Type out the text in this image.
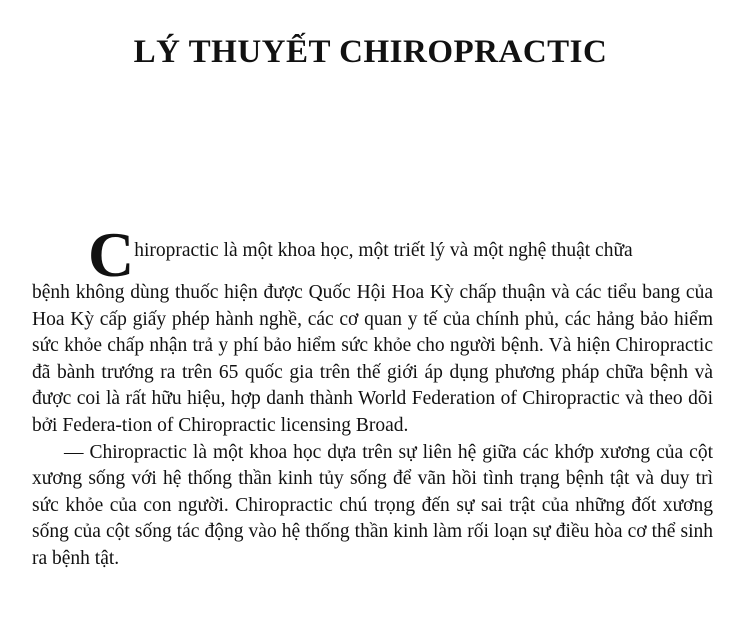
LÝ THUYẾT CHIROPRACTIC
Chiropractic là một khoa học, một triết lý và một nghệ thuật chữa
bệnh không dùng thuốc hiện được Quốc Hội Hoa Kỳ chấp thuận và các tiểu bang của Hoa Kỳ cấp giấy phép hành nghề, các cơ quan y tế của chính phủ, các hảng bảo hiểm sức khỏe chấp nhận trả y phí bảo hiểm sức khỏe cho người bệnh. Và hiện Chiropractic đã bành trướng ra trên 65 quốc gia trên thế giới áp dụng phương pháp chữa bệnh và được coi là rất hữu hiệu, hợp danh thành World Federation of Chiropractic và theo dõi bởi Federa-tion of Chiropractic licensing Broad.

— Chiropractic là một khoa học dựa trên sự liên hệ giữa các khớp xương của cột xương sống với hệ thống thần kinh tủy sống để vãn hồi tình trạng bệnh tật và duy trì sức khỏe của con người. Chiropractic chú trọng đến sự sai trật của những đốt xương sống của cột sống tác động vào hệ thống thần kinh làm rối loạn sự điều hòa cơ thể sinh ra bệnh tật.
